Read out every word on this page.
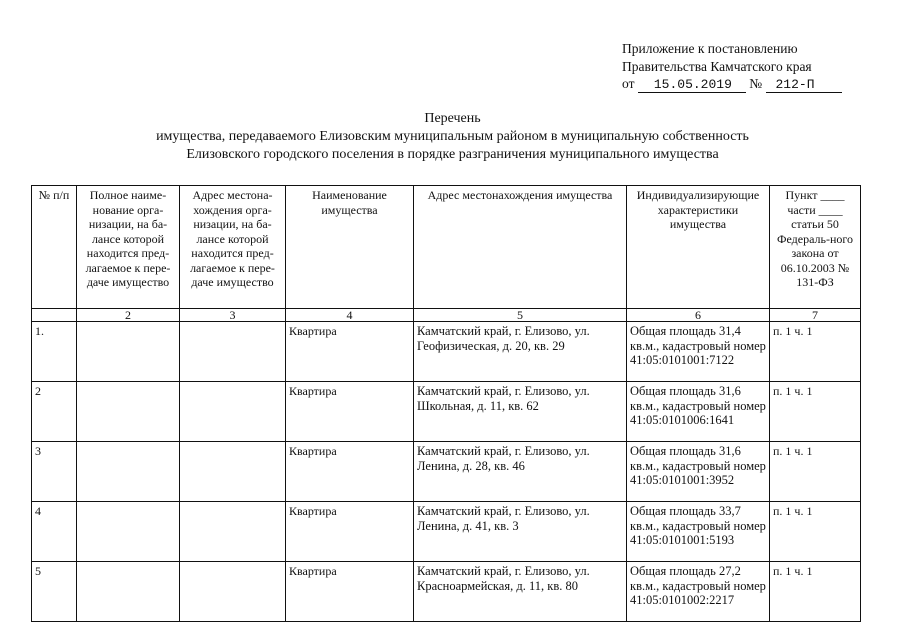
Приложение к постановлению
Правительства Камчатского края
от 15.05.2019 № 212-П
Перечень
имущества, передаваемого Елизовским муниципальным районом в муниципальную собственность
Елизовского городского поселения в порядке разграничения муниципального имущества
№ п/п	Полное наиме-нование орга-низации, на ба-лансе которой находится пред-лагаемое к пере-даче имущество	Адрес местона-хождения орга-низации, на ба-лансе которой находится пред-лагаемое к пере-даче имущество	Наименование имущества	Адрес местонахождения имущества	Индивидуализирующие характеристики имущества	Пункт ____ части ____ статьи 50 Федераль-ного закона от 06.10.2003 № 131-ФЗ
	2	3	4	5	6	7
1.			Квартира	Камчатский край, г. Елизово, ул. Геофизическая, д. 20, кв. 29	Общая площадь 31,4 кв.м., кадастровый номер 41:05:0101001:7122	п. 1 ч. 1
2			Квартира	Камчатский край, г. Елизово, ул. Школьная, д. 11, кв. 62	Общая площадь 31,6 кв.м., кадастровый номер 41:05:0101006:1641	п. 1 ч. 1
3			Квартира	Камчатский край, г. Елизово, ул. Ленина, д. 28, кв. 46	Общая площадь 31,6 кв.м., кадастровый номер 41:05:0101001:3952	п. 1 ч. 1
4			Квартира	Камчатский край, г. Елизово, ул. Ленина, д. 41, кв. 3	Общая площадь 33,7 кв.м., кадастровый номер 41:05:0101001:5193	п. 1 ч. 1
5			Квартира	Камчатский край, г. Елизово, ул. Красноармейская, д. 11, кв. 80	Общая площадь 27,2 кв.м., кадастровый номер 41:05:0101002:2217	п. 1 ч. 1
